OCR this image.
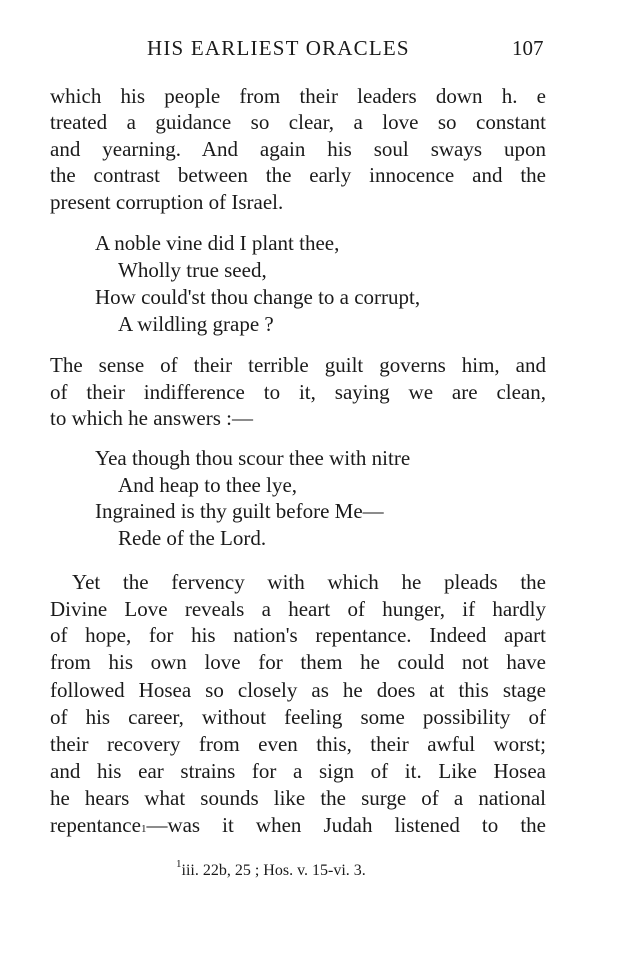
HIS EARLIEST ORACLES	107
which his people from their leaders down h. e
treated a guidance so clear, a love so constant
and yearning. And again his soul sways upon
the contrast between the early innocence and the
present corruption of Israel.
A noble vine did I plant thee,
Wholly true seed,
How could'st thou change to a corrupt,
A wildling grape ?
The sense of their terrible guilt governs him, and
of their indifference to it, saying we are clean,
to which he answers :—
Yea though thou scour thee with nitre
And heap to thee lye,
Ingrained is thy guilt before Me—
Rede of the Lord.
Yet the fervency with which he pleads the
Divine Love reveals a heart of hunger, if hardly
of hope, for his nation's repentance. Indeed apart
from his own love for them he could not have
followed Hosea so closely as he does at this stage
of his career, without feeling some possibility of
their recovery from even this, their awful worst;
and his ear strains for a sign of it. Like Hosea
he hears what sounds like the surge of a national
repentance 1 —was it when Judah listened to the
$^1$iii. 22b, 25 ; Hos. v. 15-vi. 3.
